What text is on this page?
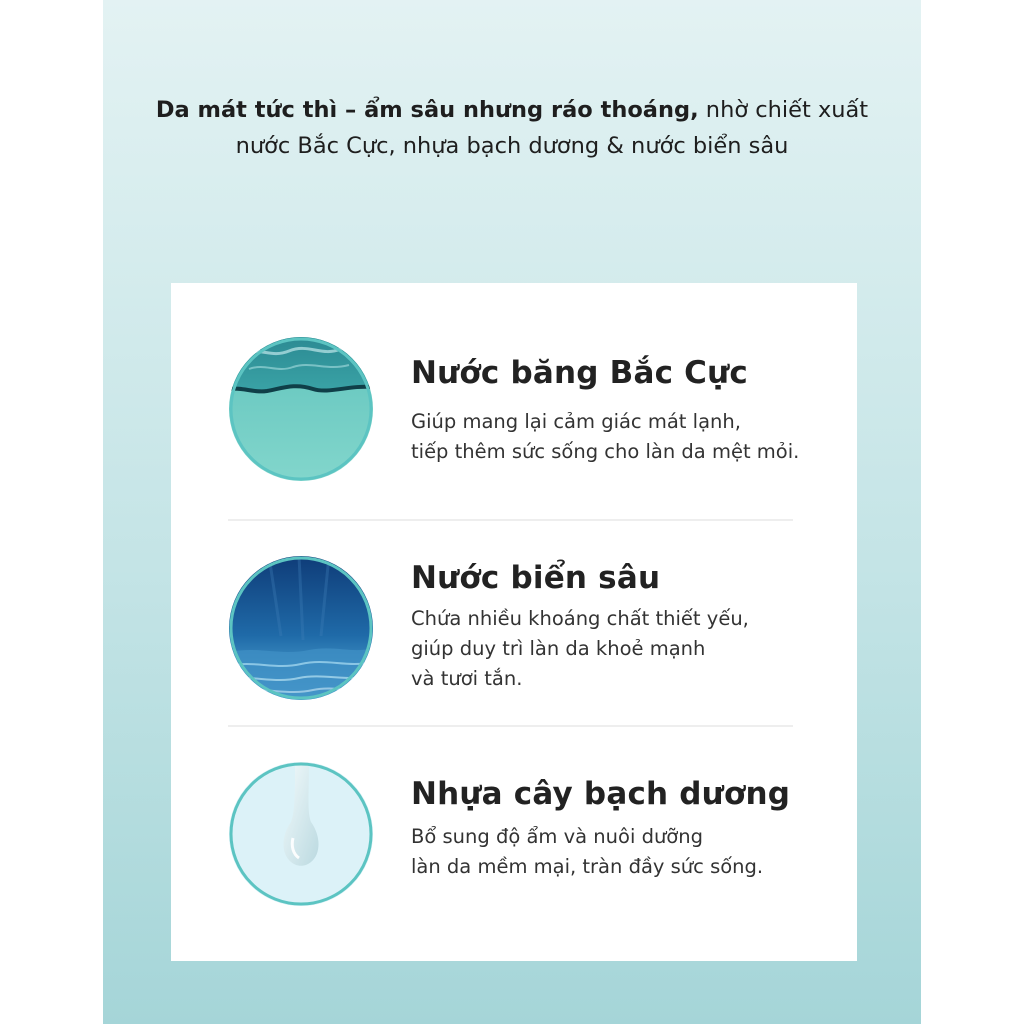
Da mát tức thì – ẩm sâu nhưng ráo thoáng, nhờ chiết xuất
nước Bắc Cực, nhựa bạch dương & nước biển sâu
Nước băng Bắc Cực
Giúp mang lại cảm giác mát lạnh,
tiếp thêm sức sống cho làn da mệt mỏi.
Nước biển sâu
Chứa nhiều khoáng chất thiết yếu,
giúp duy trì làn da khoẻ mạnh
và tươi tắn.
Nhựa cây bạch dương
Bổ sung độ ẩm và nuôi dưỡng
làn da mềm mại, tràn đầy sức sống.
